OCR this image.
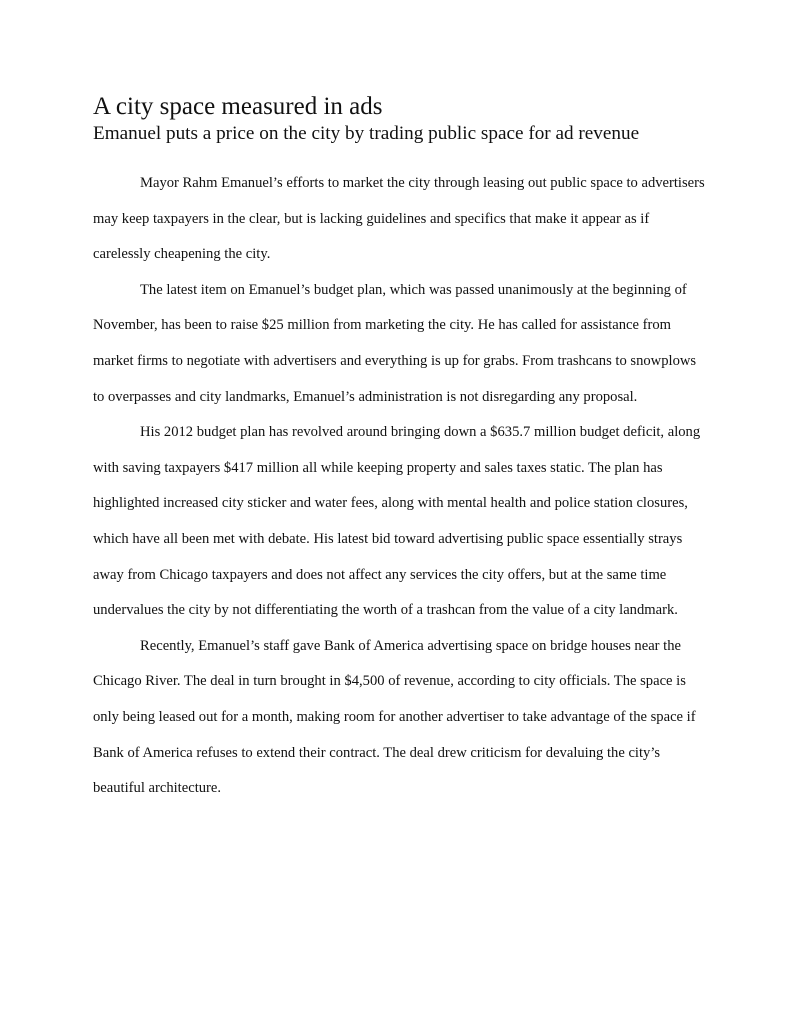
A city space measured in ads
Emanuel puts a price on the city by trading public space for ad revenue

Mayor Rahm Emanuel’s efforts to market the city through leasing out public space to advertisers may keep taxpayers in the clear, but is lacking guidelines and specifics that make it appear as if carelessly cheapening the city.

The latest item on Emanuel’s budget plan, which was passed unanimously at the beginning of November, has been to raise $25 million from marketing the city. He has called for assistance from market firms to negotiate with advertisers and everything is up for grabs. From trashcans to snowplows to overpasses and city landmarks, Emanuel’s administration is not disregarding any proposal.

His 2012 budget plan has revolved around bringing down a $635.7 million budget deficit, along with saving taxpayers $417 million all while keeping property and sales taxes static. The plan has highlighted increased city sticker and water fees, along with mental health and police station closures, which have all been met with debate. His latest bid toward advertising public space essentially strays away from Chicago taxpayers and does not affect any services the city offers, but at the same time undervalues the city by not differentiating the worth of a trashcan from the value of a city landmark.

Recently, Emanuel’s staff gave Bank of America advertising space on bridge houses near the Chicago River. The deal in turn brought in $4,500 of revenue, according to city officials. The space is only being leased out for a month, making room for another advertiser to take advantage of the space if Bank of America refuses to extend their contract. The deal drew criticism for devaluing the city’s beautiful architecture.
